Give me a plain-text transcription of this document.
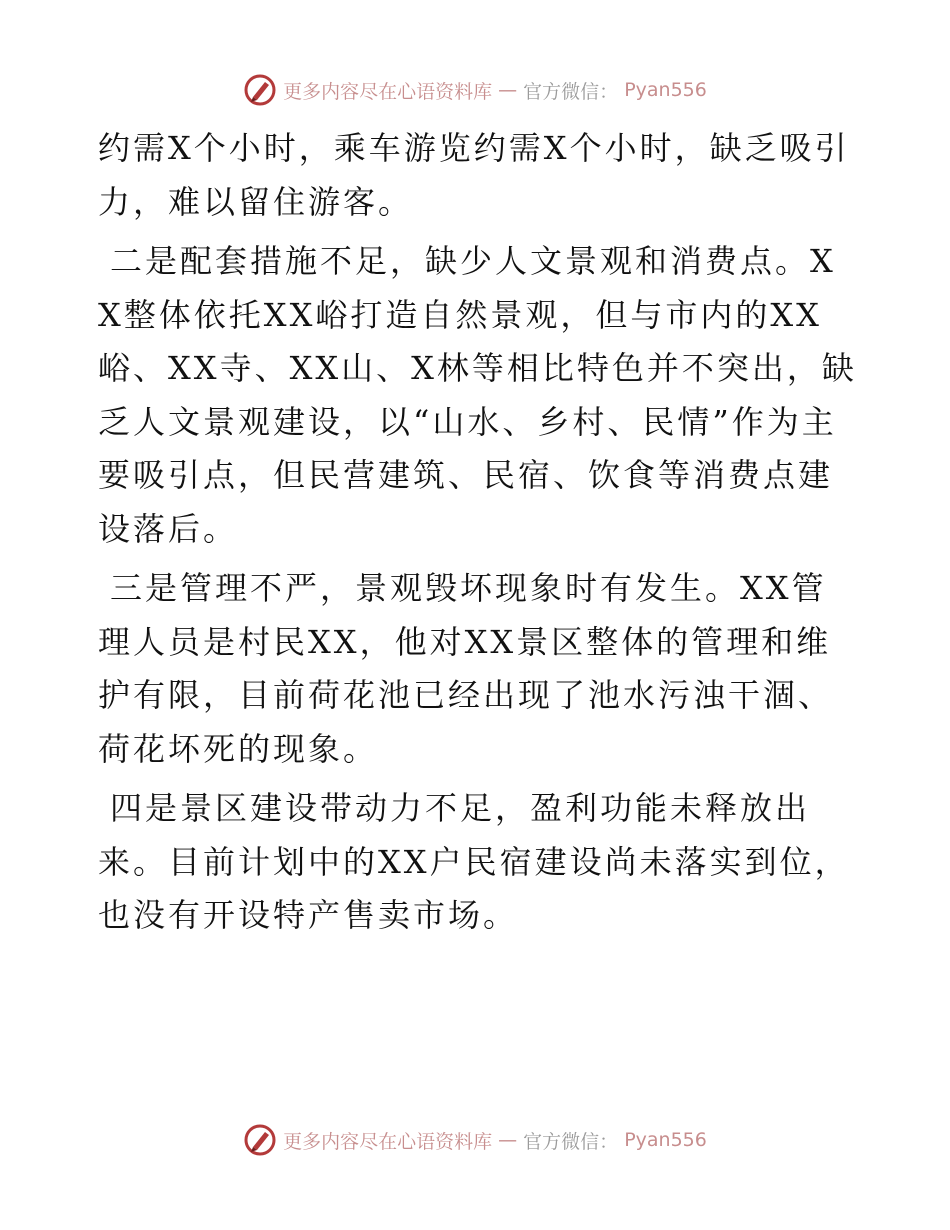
更多内容尽在心语资料库 — 官方微信： Pyan556

约需X个小时，乘车游览约需X个小时，缺乏吸引力，难以留住游客。

二是配套措施不足，缺少人文景观和消费点。XX整体依托XX峪打造自然景观，但与市内的XX峪、XX寺、XX山、X林等相比特色并不突出，缺乏人文景观建设，以“山水、乡村、民情”作为主要吸引点，但民营建筑、民宿、饮食等消费点建设落后。

三是管理不严，景观毁坏现象时有发生。XX管理人员是村民XX，他对XX景区整体的管理和维护有限，目前荷花池已经出现了池水污浊干涸、荷花坏死的现象。

四是景区建设带动力不足，盈利功能未释放出来。目前计划中的XX户民宿建设尚未落实到位，也没有开设特产售卖市场。

更多内容尽在心语资料库 — 官方微信： Pyan556
